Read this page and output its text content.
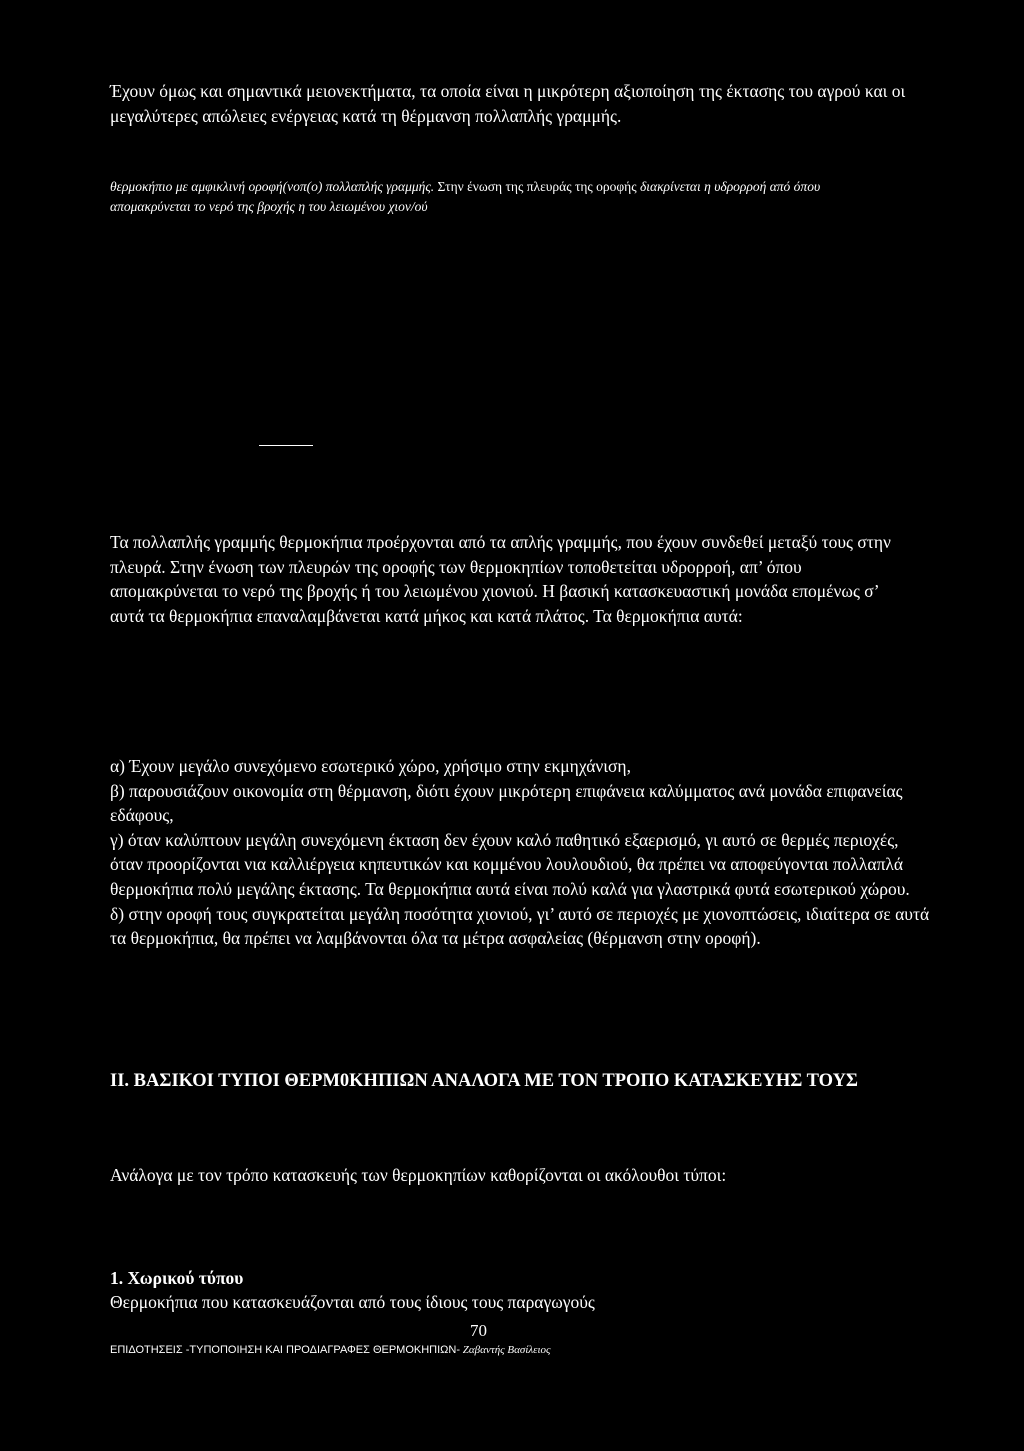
Έχουν όμως και σημαντικά μειονεκτήματα, τα οποία είναι η μικρότερη αξιοποίηση της έκτασης του αγρού και οι μεγαλύτερες απώλειες ενέργειας κατά τη θέρμανση πολλαπλής γραμμής.

θερμοκήπιο με αμφικλινή οροφή(νοπ(ο) πολλαπλής γραμμής. Στην ένωση της πλευράς της οροφής διακρίνεται η υδρορροή από όπου απομακρύνεται το νερό της βροχής η του λειωμένου χιον/ού

Τα πολλαπλής γραμμής θερμοκήπια προέρχονται από τα απλής γραμμής, που έχουν συνδεθεί μεταξύ τους στην πλευρά. Στην ένωση των πλευρών της οροφής των θερμοκηπίων τοποθετείται υδρορροή, απ’ όπου απομακρύνεται το νερό της βροχής ή του λειωμένου χιονιού. Η βασική κατασκευαστική μονάδα επομένως σ’ αυτά τα θερμοκήπια επαναλαμβάνεται κατά μήκος και κατά πλάτος. Τα θερμοκήπια αυτά:

α) Έχουν μεγάλο συνεχόμενο εσωτερικό χώρο, χρήσιμο στην εκμηχάνιση,

β) παρουσιάζουν οικονομία στη θέρμανση, διότι έχουν μικρότερη επιφάνεια καλύμματος ανά μονάδα επιφανείας εδάφους,

γ) όταν καλύπτουν μεγάλη συνεχόμενη έκταση δεν έχουν καλό παθητικό εξαερισμό, γι αυτό σε θερμές περιοχές, όταν προορίζονται νια καλλιέργεια κηπευτικών και κομμένου λουλουδιού, θα πρέπει να αποφεύγονται πολλαπλά θερμοκήπια πολύ μεγάλης έκτασης. Τα θερμοκήπια αυτά είναι πολύ καλά για γλαστρικά φυτά εσωτερικού χώρου.

δ) στην οροφή τους συγκρατείται μεγάλη ποσότητα χιονιού, γι’ αυτό σε περιοχές με χιονοπτώσεις, ιδιαίτερα σε αυτά τα θερμοκήπια, θα πρέπει να λαμβάνονται όλα τα μέτρα ασφαλείας (θέρμανση στην οροφή).

II. ΒΑΣΙΚΟΙ ΤΥΠΟΙ ΘΕΡΜ0ΚΗΠΙΩΝ ΑΝΑΛΟΓΑ ΜΕ ΤΟΝ ΤΡΟΠΟ ΚΑΤΑΣΚΕΥΗΣ ΤΟΥΣ

Ανάλογα με τον τρόπο κατασκευής των θερμοκηπίων καθορίζονται οι ακόλουθοι τύποι:

1. Χωρικού τύπου

Θερμοκήπια που κατασκευάζονται από τους ίδιους τους παραγωγούς

70

ΕΠΙΔΟΤΗΣΕΙΣ -ΤΥΠΟΠΟΙΗΣΗ ΚΑΙ ΠΡΟΔΙΑΓΡΑΦΕΣ ΘΕΡΜΟΚΗΠΙΩΝ- Ζαβαντής Βασίλειος
